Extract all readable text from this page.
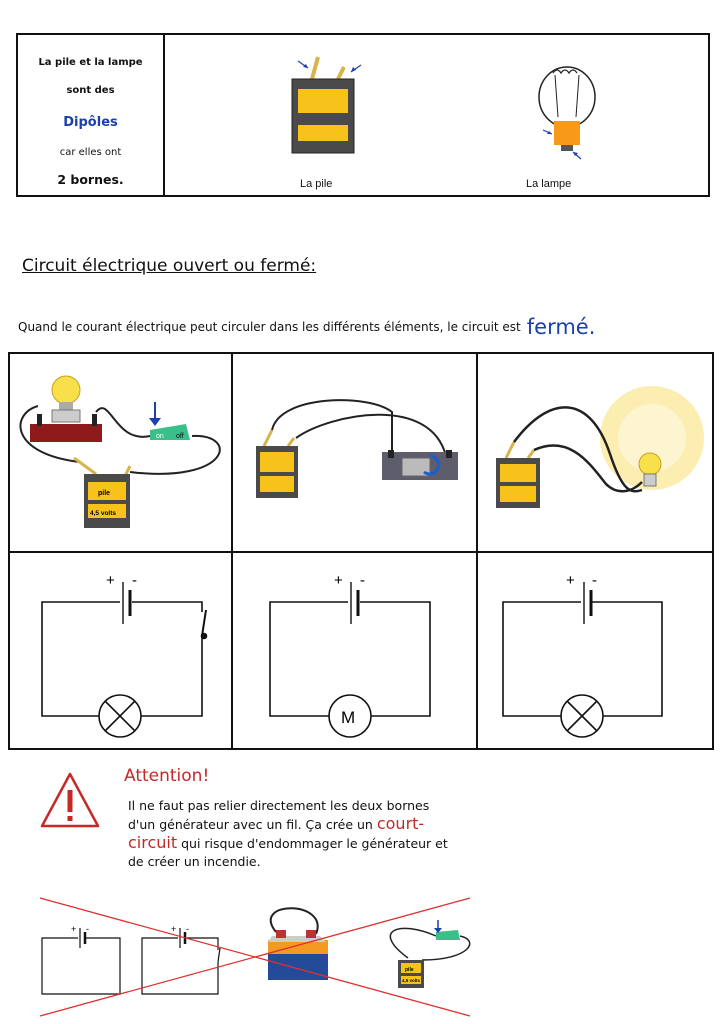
La pile et la lampe
sont des
Dipôles
car elles ont
2 bornes.	La pile	La lampe
Circuit électrique ouvert ou fermé:
Quand le courant électrique peut circuler dans les différents éléments, le circuit est fermé.
on off
pile
4,5 volts
+ -	+ -
M
+ -
Attention!
Il ne faut pas relier directement les deux bornes d'un générateur avec un fil. Ça crée un court-circuit qui risque d'endommager le générateur et de créer un incendie.
+ -	+ -
pile
4,5 volts
